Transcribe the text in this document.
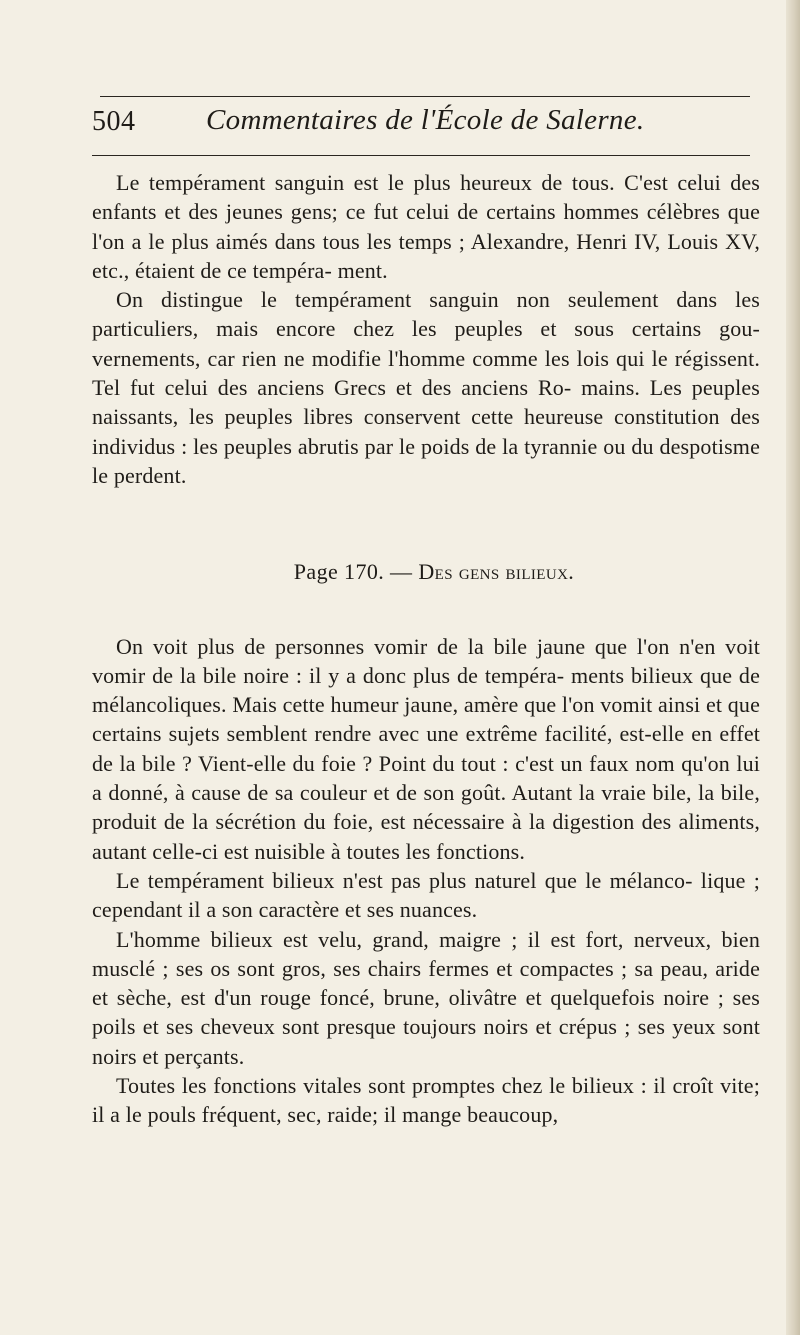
504 Commentaires de l'École de Salerne.

Le tempérament sanguin est le plus heureux de tous. C'est celui des enfants et des jeunes gens; ce fut celui de certains hommes célèbres que l'on a le plus aimés dans tous les temps ; Alexandre, Henri IV, Louis XV, etc., étaient de ce tempéra- ment.

On distingue le tempérament sanguin non seulement dans les particuliers, mais encore chez les peuples et sous certains gou- vernements, car rien ne modifie l'homme comme les lois qui le régissent. Tel fut celui des anciens Grecs et des anciens Ro- mains. Les peuples naissants, les peuples libres conservent cette heureuse constitution des individus : les peuples abrutis par le poids de la tyrannie ou du despotisme le perdent.

Page 170. — Des gens bilieux.

On voit plus de personnes vomir de la bile jaune que l'on n'en voit vomir de la bile noire : il y a donc plus de tempéra- ments bilieux que de mélancoliques. Mais cette humeur jaune, amère que l'on vomit ainsi et que certains sujets semblent rendre avec une extrême facilité, est-elle en effet de la bile ? Vient-elle du foie ? Point du tout : c'est un faux nom qu'on lui a donné, à cause de sa couleur et de son goût. Autant la vraie bile, la bile, produit de la sécrétion du foie, est nécessaire à la digestion des aliments, autant celle-ci est nuisible à toutes les fonctions.

Le tempérament bilieux n'est pas plus naturel que le mélanco- lique ; cependant il a son caractère et ses nuances.

L'homme bilieux est velu, grand, maigre ; il est fort, nerveux, bien musclé ; ses os sont gros, ses chairs fermes et compactes ; sa peau, aride et sèche, est d'un rouge foncé, brune, olivâtre et quelquefois noire ; ses poils et ses cheveux sont presque toujours noirs et crépus ; ses yeux sont noirs et perçants.

Toutes les fonctions vitales sont promptes chez le bilieux : il croît vite; il a le pouls fréquent, sec, raide; il mange beaucoup,
